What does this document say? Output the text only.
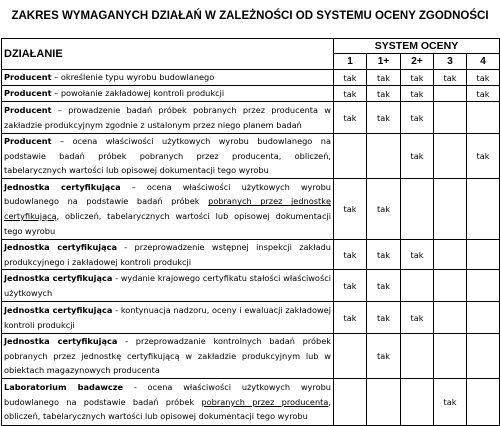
ZAKRES WYMAGANYCH DZIAŁAŃ W ZALEŻNOŚCI OD SYSTEMU OCENY ZGODNOŚCI
DZIAŁANIE	SYSTEM OCENY				
	1	1+	2+	3	4
Producent – określenie typu wyrobu budowlanego	tak	tak	tak	tak	tak
Producent – powołanie zakładowej kontroli produkcji	tak	tak	tak		tak
Producent – prowadzenie badań próbek pobranych przez producenta w zakładzie produkcyjnym zgodnie z ustalonym przez niego planem badań	tak	tak	tak		
Producent – ocena właściwości użytkowych wyrobu budowlanego na podstawie badań próbek pobranych przez producenta, obliczeń, tabelarycznych wartości lub opisowej dokumentacji tego wyrobu			tak		tak
Jednostka certyfikująca – ocena właściwości użytkowych wyrobu budowlanego na podstawie badań próbek pobranych przez jednostkę certyfikującą, obliczeń, tabelarycznych wartości lub opisowej dokumentacji tego wyrobu	tak	tak			
Jednostka certyfikująca - przeprowadzenie wstępnej inspekcji zakładu produkcyjnego i zakładowej kontroli produkcji	tak	tak	tak		
Jednostka certyfikująca - wydanie krajowego certyfikatu stałości właściwości użytkowych	tak	tak			
Jednostka certyfikująca - kontynuacja nadzoru, oceny i ewaluacji zakładowej kontroli produkcji	tak	tak	tak		
Jednostka certyfikująca - przeprowadzanie kontrolnych badań próbek pobranych przez jednostkę certyfikującą w zakładzie produkcyjnym lub w obiektach magazynowych producenta		tak			
Laboratorium badawcze - ocena właściwości użytkowych wyrobu budowlanego na podstawie badań próbek pobranych przez producenta, obliczeń, tabelarycznych wartości lub opisowej dokumentacji tego wyrobu				tak	
